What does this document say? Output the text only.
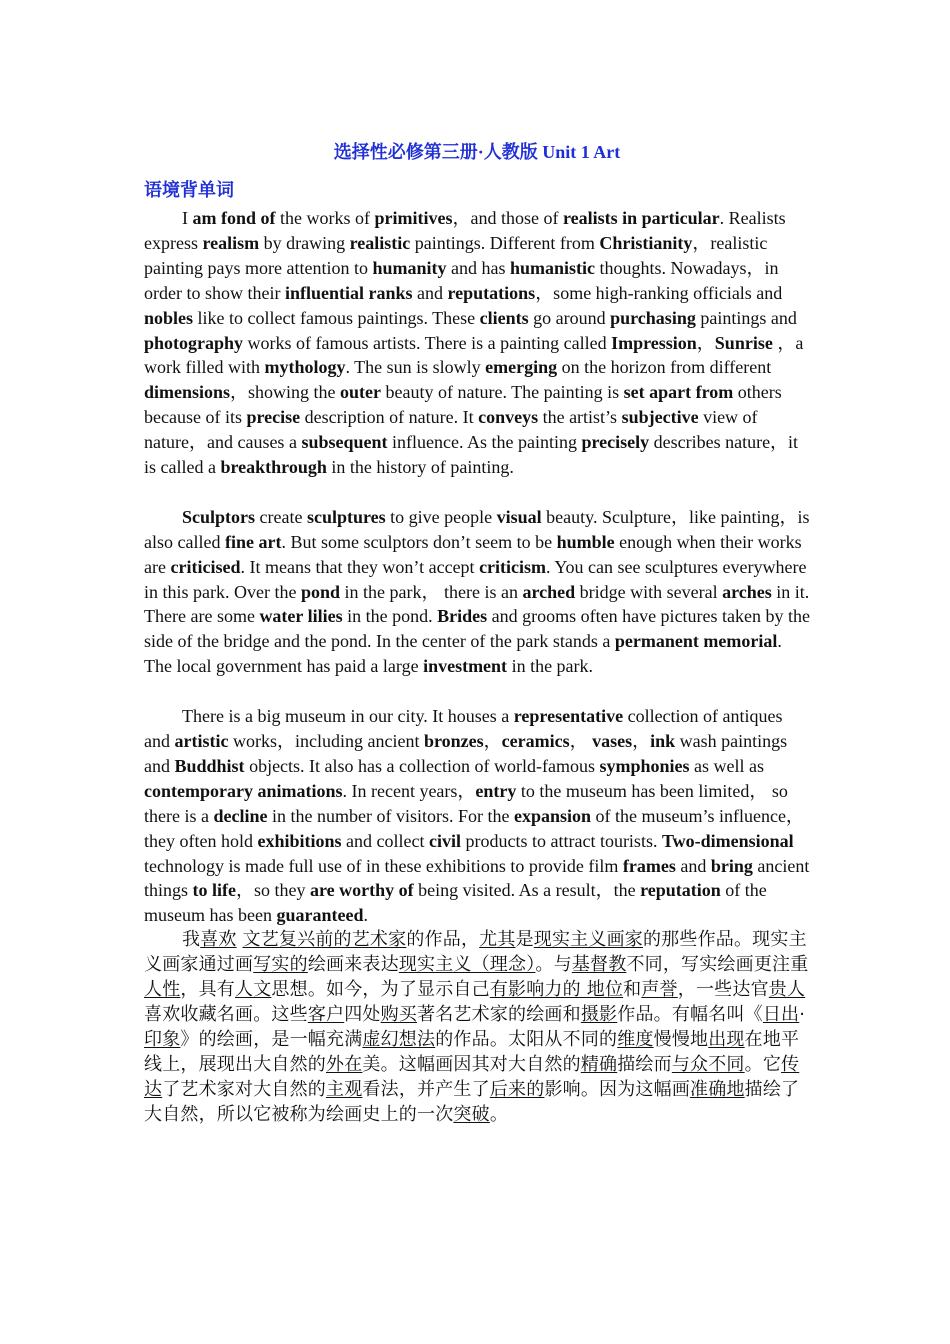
选择性必修第三册·人教版 Unit 1 Art
语境背单词

I am fond of the works of primitives，and those of realists in particular. Realists express realism by drawing realistic paintings. Different from Christianity，realistic painting pays more attention to humanity and has humanistic thoughts. Nowadays，in order to show their influential ranks and reputations，some high-ranking officials and nobles like to collect famous paintings. These clients go around purchasing paintings and photography works of famous artists. There is a painting called Impression，Sunrise ，a work filled with mythology. The sun is slowly emerging on the horizon from different dimensions，showing the outer beauty of nature. The painting is set apart from others because of its precise description of nature. It conveys the artist’s subjective view of nature，and causes a subsequent influence. As the painting precisely describes nature，it is called a breakthrough in the history of painting.

Sculptors create sculptures to give people visual beauty. Sculpture，like painting，is also called fine art. But some sculptors don’t seem to be humble enough when their works are criticised. It means that they won’t accept criticism. You can see sculptures everywhere in this park. Over the pond in the park， there is an arched bridge with several arches in it. There are some water lilies in the pond. Brides and grooms often have pictures taken by the side of the bridge and the pond. In the center of the park stands a permanent memorial. The local government has paid a large investment in the park.

There is a big museum in our city. It houses a representative collection of antiques and artistic works，including ancient bronzes，ceramics， vases，ink wash paintings and Buddhist objects. It also has a collection of world-famous symphonies as well as contemporary animations. In recent years，entry to the museum has been limited， so there is a decline in the number of visitors. For the expansion of the museum’s influence，they often hold exhibitions and collect civil products to attract tourists. Two-dimensional technology is made full use of in these exhibitions to provide film frames and bring ancient things to life，so they are worthy of being visited. As a result，the reputation of the museum has been guaranteed.

我喜欢 文艺复兴前的艺术家的作品，尤其是现实主义画家的那些作品。现实主义画家通过画写实的绘画来表达现实主义（理念）。与基督教不同，写实绘画更注重人性，具有人文思想。如今，为了显示自己有影响力的 地位和声誉，一些达官贵人喜欢收藏名画。这些客户四处购买著名艺术家的绘画和摄影作品。有幅名叫《日出·印象》的绘画，是一幅充满虚幻想法的作品。太阳从不同的维度慢慢地出现在地平线上，展现出大自然的外在美。这幅画因其对大自然的精确描绘而与众不同。它传达了艺术家对大自然的主观看法，并产生了后来的影响。因为这幅画准确地描绘了大自然，所以它被称为绘画史上的一次突破。
